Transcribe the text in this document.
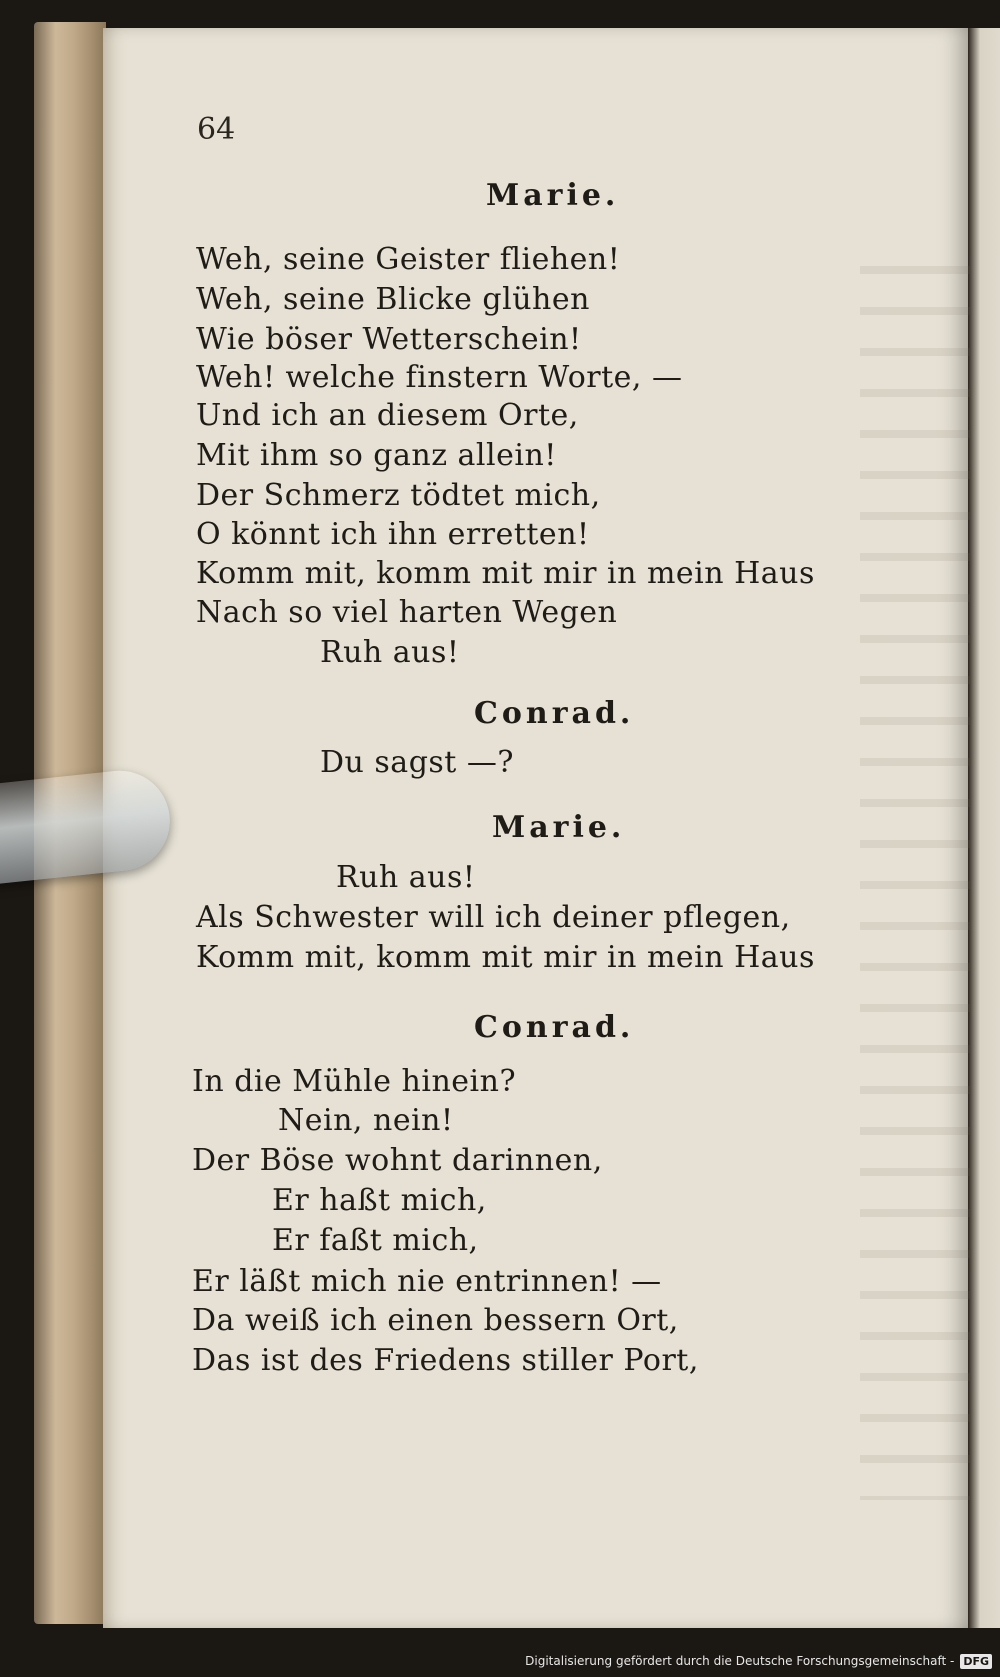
64
Marie.
Weh, seine Geister fliehen!
Weh, seine Blicke glühen
Wie böser Wetterschein!
Weh! welche finstern Worte, —
Und ich an diesem Orte,
Mit ihm so ganz allein!
Der Schmerz tödtet mich,
O könnt ich ihn erretten!
Komm mit, komm mit mir in mein Haus
Nach so viel harten Wegen
Ruh aus!
Conrad.
Du sagst —?
Marie.
Ruh aus!
Als Schwester will ich deiner pflegen,
Komm mit, komm mit mir in mein Haus
Conrad.
In die Mühle hinein?
Nein, nein!
Der Böse wohnt darinnen,
Er haßt mich,
Er faßt mich,
Er läßt mich nie entrinnen! —
Da weiß ich einen bessern Ort,
Das ist des Friedens stiller Port,
Digitalisierung gefördert durch die Deutsche Forschungsgemeinschaft - DFG
